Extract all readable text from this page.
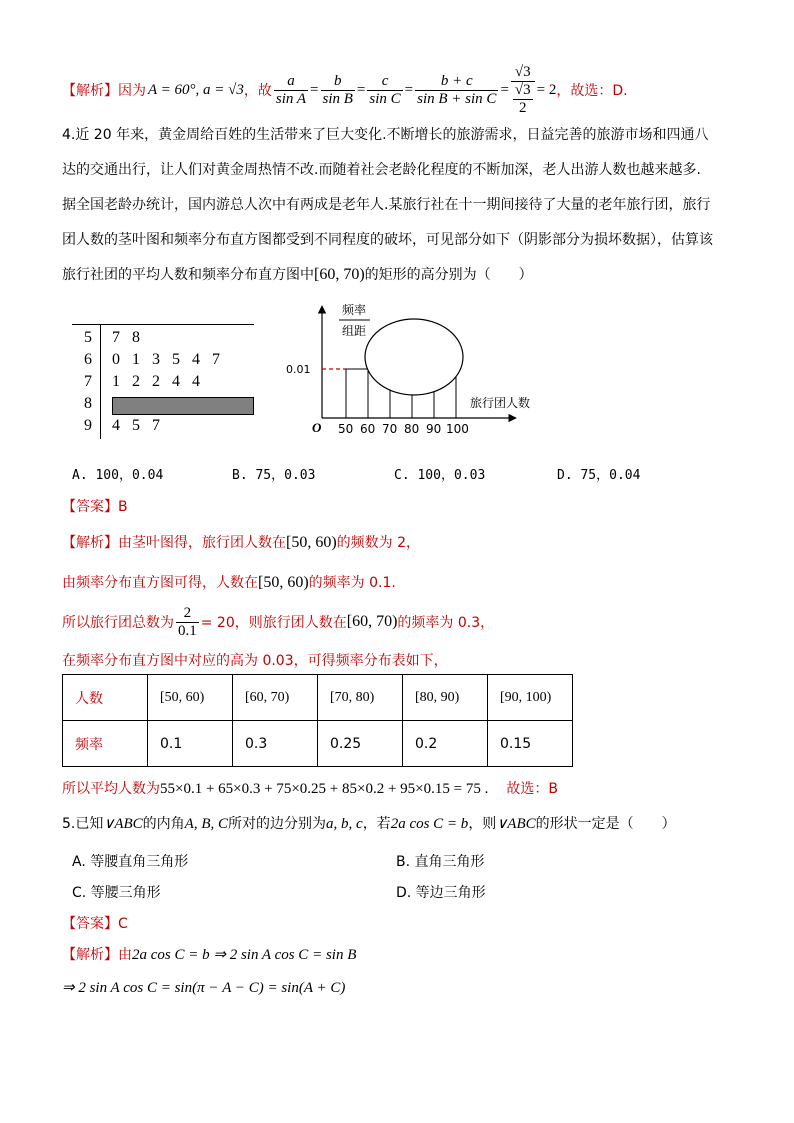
【解析】 因为 A = 60°, a = √3 ，故 $\frac{a}{\text{sin A}} = \frac{b}{\text{sin B}} = \frac{c}{\text{sin C}} = \frac{b + c}{\text{sin B + sin C}} = \frac{√3}{\frac{√3}{2}} = 2$ ，故选：D.
4.近 20 年来，黄金周给百姓的生活带来了巨大变化.不断增长的旅游需求，日益完善的旅游市场和四通八
达的交通出行，让人们对黄金周热情不改.而随着社会老龄化程度的不断加深，老人出游人数也越来越多.
据全国老龄办统计，国内游总人次中有两成是老年人.某旅行社在十一期间接待了大量的老年旅行团，旅行
团人数的茎叶图和频率分布直方图都受到不同程度的破坏，可见部分如下（阴影部分为损坏数据），估算该
旅行社团的平均人数和频率分布直方图中[60, 70)的矩形的高分别为（　　）
5 7   8
6 0   1   3   5   4   7
7 1   2   2   4   4
8
9 4   5   7
频率
组距
0.01
旅行团人数
O 50 60 70 80 90 100
A. 100，0.04	B. 75，0.03	C. 100，0.03	D. 75，0.04
【答案】B
【解析】由茎叶图得，旅行团人数在[50, 60)的频数为 2，
由频率分布直方图可得，人数在[50, 60)的频率为 0.1.
所以旅行团总数为 $\frac{2}{0.1} = 20$，则旅行团人数在 [60, 70) 的频率为 0.3，
在频率分布直方图中对应的高为 0.03，可得频率分布表如下，
人数	[50, 60)	[60, 70)	[70, 80)	[80, 90)	[90, 100)
频率	0.1	0.3	0.25	0.2	0.15
所以平均人数为55×0.1 + 65×0.3 + 75×0.25 + 85×0.2 + 95×0.15 = 75 . 故选：B
5.已知∨ABC的内角A, B, C所对的边分别为a, b, c，若2a cos C = b，则∨ABC的形状一定是（　　）
A. 等腰直角三角形	B. 直角三角形
C. 等腰三角形	D. 等边三角形
【答案】C
【解析】由2a cos C = b ⇒ 2 sin A cos C = sin B
⇒ 2 sin A cos C = sin(π − A − C) = sin(A + C)
